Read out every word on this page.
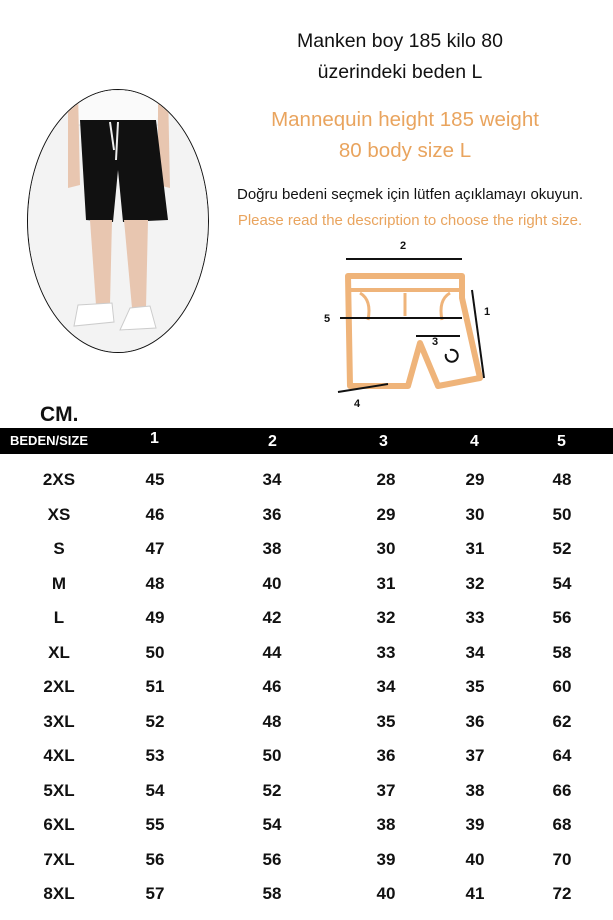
Manken boy 185 kilo 80
üzerindeki beden L
Mannequin height 185 weight
80 body size L
Doğru bedeni seçmek için lütfen açıklamayı okuyun.
Please read the description to choose the right size.
2
5
1
3
4
CM.
BEDEN/SIZE	1	2	3	4	5
2XS	45	34	28	29	48
XS	46	36	29	30	50
S	47	38	30	31	52
M	48	40	31	32	54
L	49	42	32	33	56
XL	50	44	33	34	58
2XL	51	46	34	35	60
3XL	52	48	35	36	62
4XL	53	50	36	37	64
5XL	54	52	37	38	66
6XL	55	54	38	39	68
7XL	56	56	39	40	70
8XL	57	58	40	41	72
